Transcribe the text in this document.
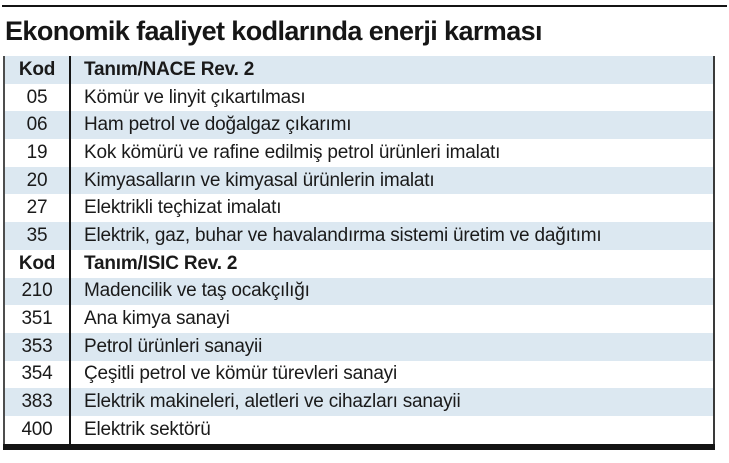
Ekonomik faaliyet kodlarında enerji karması
Kod	Tanım/NACE Rev. 2
05	Kömür ve linyit çıkartılması
06	Ham petrol ve doğalgaz çıkarımı
19	Kok kömürü ve rafine edilmiş petrol ürünleri imalatı
20	Kimyasalların ve kimyasal ürünlerin imalatı
27	Elektrikli teçhizat imalatı
35	Elektrik, gaz, buhar ve havalandırma sistemi üretim ve dağıtımı
Kod	Tanım/ISIC Rev. 2
210	Madencilik ve taş ocakçılığı
351	Ana kimya sanayi
353	Petrol ürünleri sanayii
354	Çeşitli petrol ve kömür türevleri sanayi
383	Elektrik makineleri, aletleri ve cihazları sanayii
400	Elektrik sektörü
